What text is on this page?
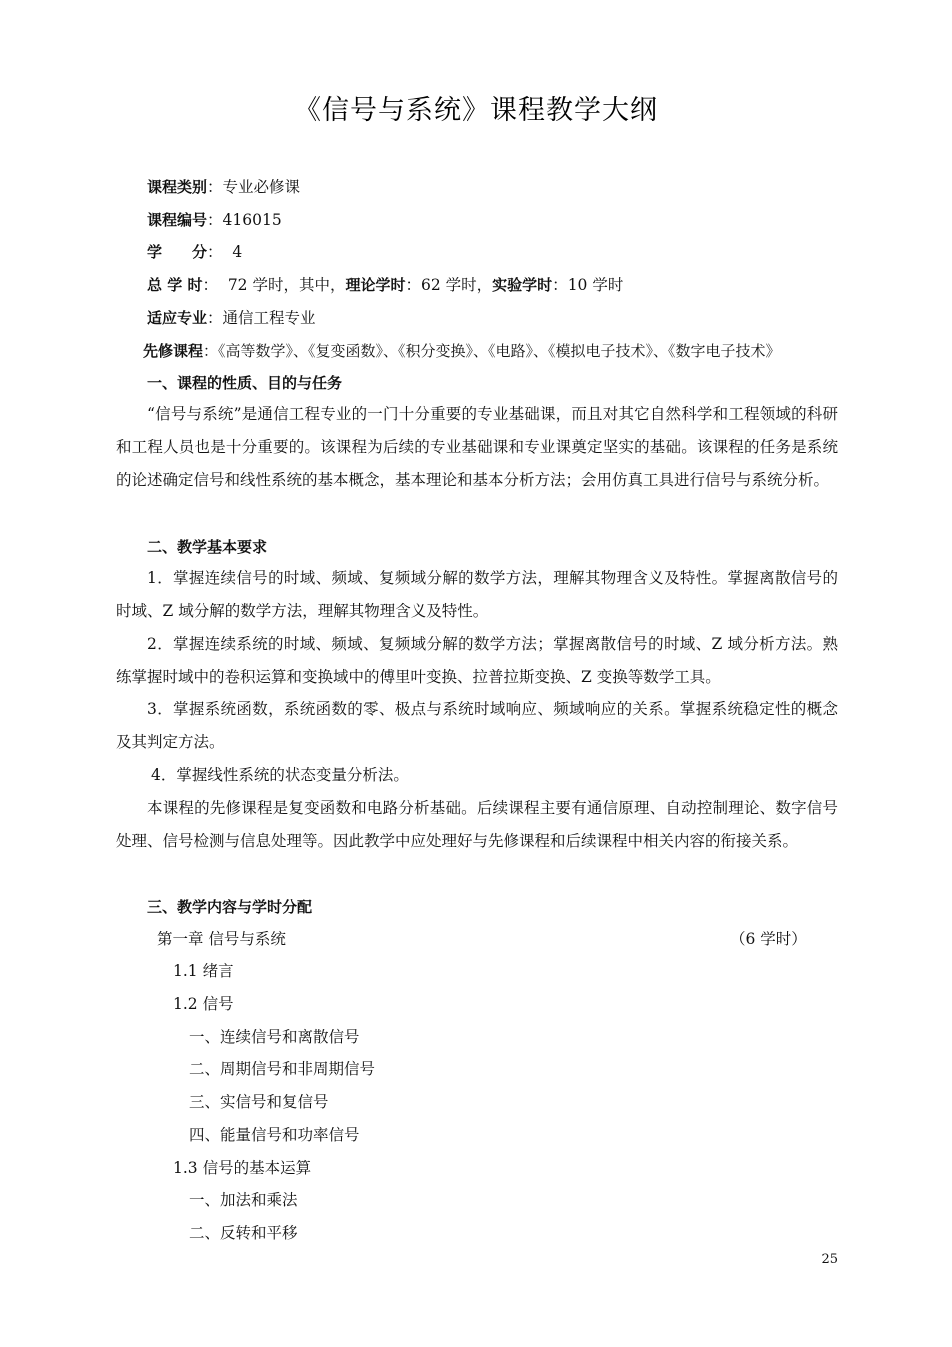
《信号与系统》课程教学大纲
课程类别：专业必修课
课程编号：416015
学　　分：  4
总 学 时：  72 学时，其中，理论学时：62 学时，实验学时：10 学时
适应专业：通信工程专业
先修课程：《高等数学》、《复变函数》、《积分变换》、《电路》、《模拟电子技术》、《数字电子技术》
一、课程的性质、目的与任务
“信号与系统”是通信工程专业的一门十分重要的专业基础课，而且对其它自然科学和工程领域的科研和工程人员也是十分重要的。该课程为后续的专业基础课和专业课奠定坚实的基础。该课程的任务是系统的论述确定信号和线性系统的基本概念，基本理论和基本分析方法；会用仿真工具进行信号与系统分析。
二、教学基本要求
1．掌握连续信号的时域、频域、复频域分解的数学方法，理解其物理含义及特性。掌握离散信号的时域、Z 域分解的数学方法，理解其物理含义及特性。
2．掌握连续系统的时域、频域、复频域分解的数学方法；掌握离散信号的时域、Z 域分析方法。熟练掌握时域中的卷积运算和变换域中的傅里叶变换、拉普拉斯变换、Z 变换等数学工具。
3．掌握系统函数，系统函数的零、极点与系统时域响应、频域响应的关系。掌握系统稳定性的概念及其判定方法。
4．掌握线性系统的状态变量分析法。
本课程的先修课程是复变函数和电路分析基础。后续课程主要有通信原理、自动控制理论、数字信号处理、信号检测与信息处理等。因此教学中应处理好与先修课程和后续课程中相关内容的衔接关系。
三、教学内容与学时分配
第一章 信号与系统	（6 学时）
1.1 绪言
1.2 信号
一、连续信号和离散信号
二、周期信号和非周期信号
三、实信号和复信号
四、能量信号和功率信号
1.3 信号的基本运算
一、加法和乘法
二、反转和平移
25
